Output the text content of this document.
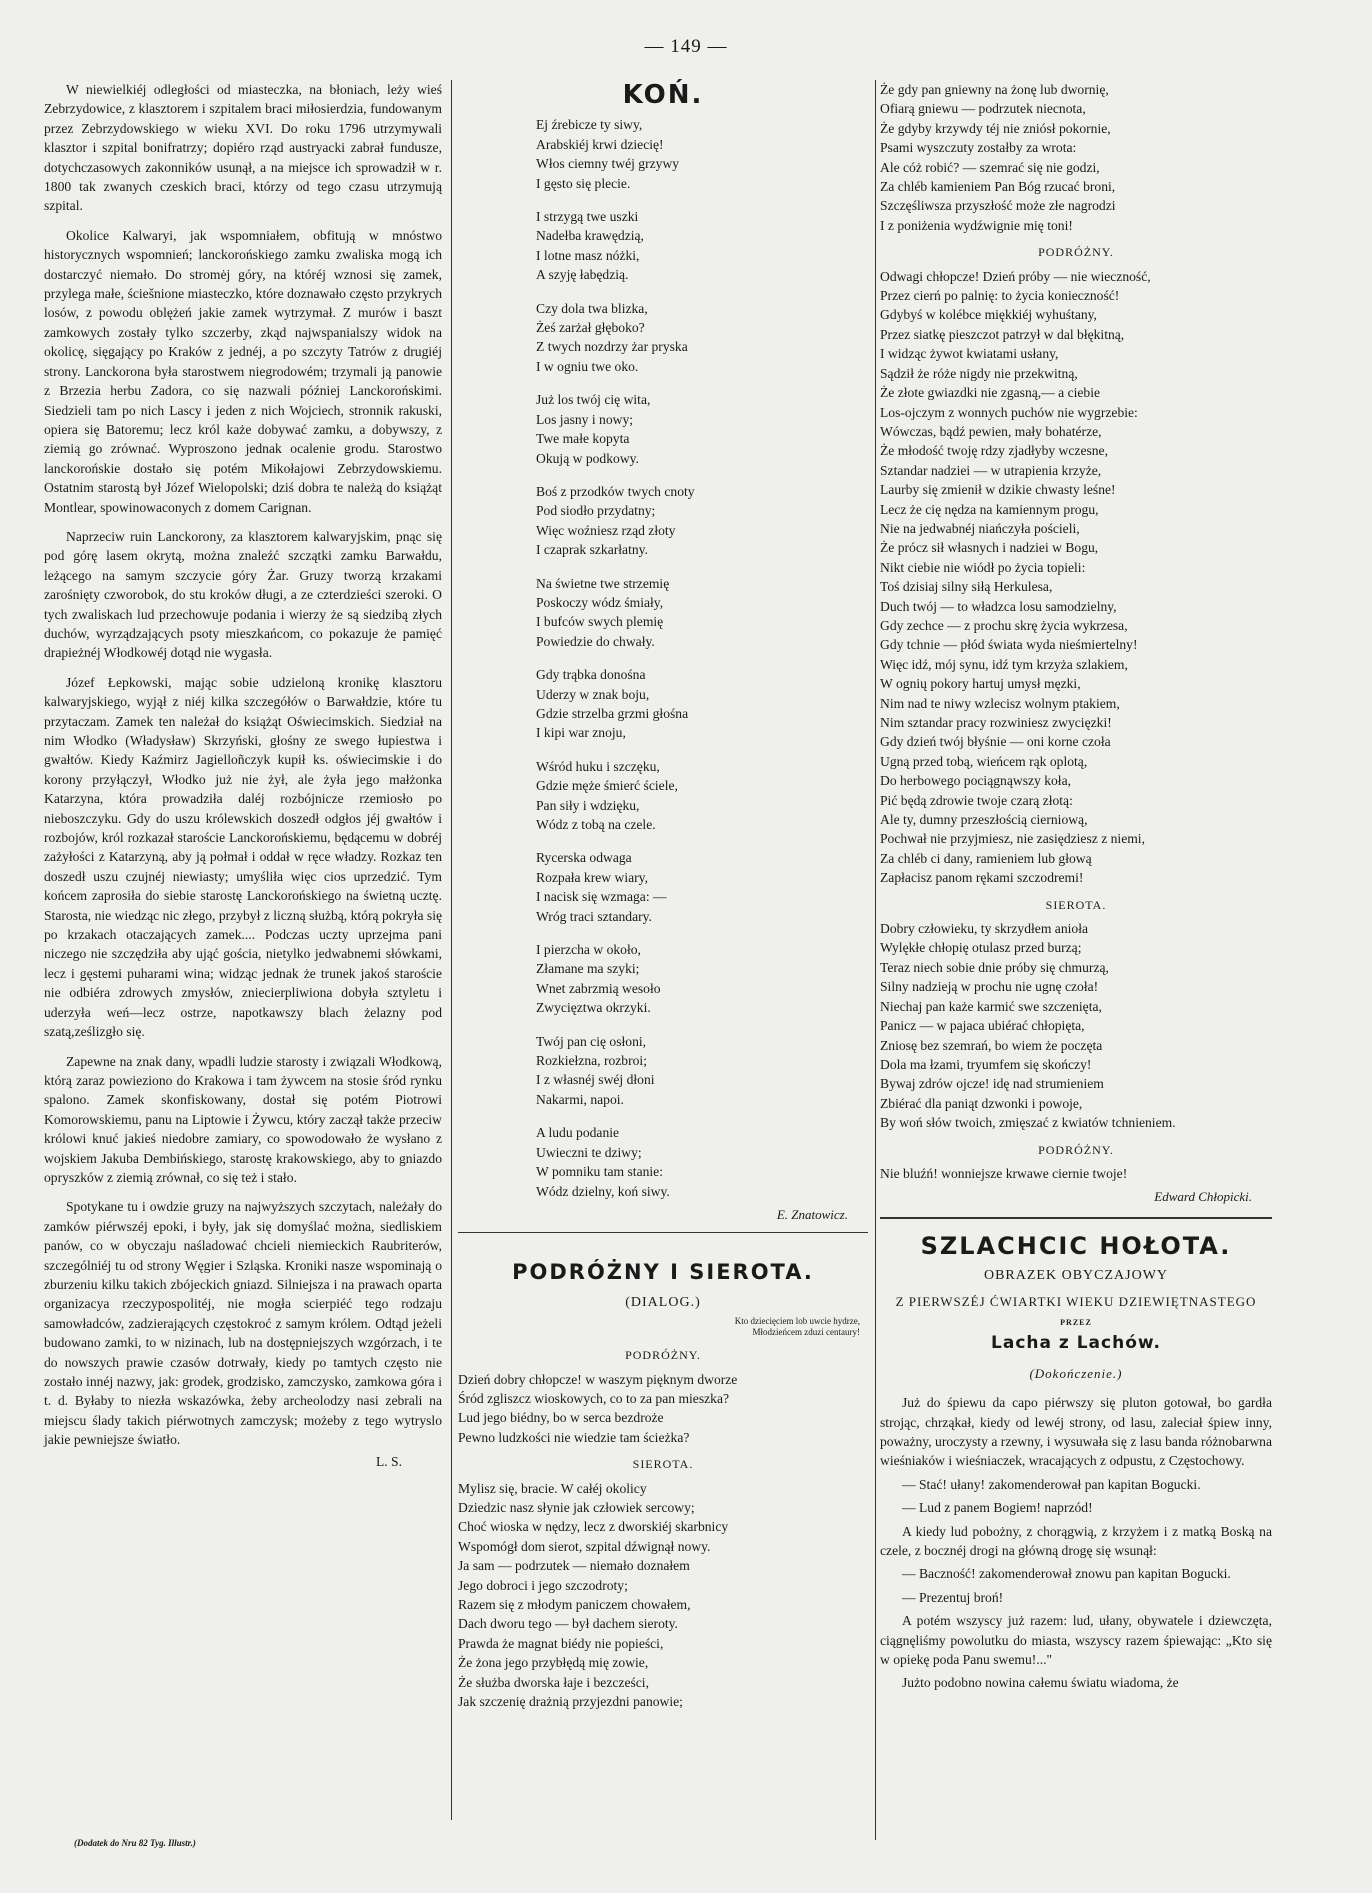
— 149 —

W niewielkiéj odległości od miasteczka, na błoniach, leży wieś Zebrzydowice, z klasztorem i szpitalem braci miłosierdzia, fundowanym przez Zebrzydowskiego w wieku XVI. Do roku 1796 utrzymywali klasztor i szpital bonifratrzy; dopiéro rząd austryacki zabrał fundusze, dotychczasowych zakonników usunął, a na miejsce ich sprowadził w r. 1800 tak zwanych czeskich braci, którzy od tego czasu utrzymują szpital.

Okolice Kalwaryi, jak wspomniałem, obfitują w mnóstwo historycznych wspomnień; lanckorońskiego zamku zwaliska mogą ich dostarczyć niemało. Do stromėj góry, na któréj wznosi się zamek, przylega małe, ściešnione miasteczko, które doznawało często przykrych losów, z powodu oblężeń jakie zamek wytrzymał. Z murów i baszt zamkowych zostały tylko szczerby, zkąd najwspanialszy widok na okolicę, sięgający po Kraków z jednéj, a po szczyty Tatrów z drugiéj strony. Lanckorona była starostwem niegrodowém; trzymali ją panowie z Brzezia herbu Zadora, co się nazwali później Lanckorońskimi. Siedzieli tam po nich Lascy i jeden z nich Wojciech, stronnik rakuski, opiera się Batoremu; lecz król każe dobywać zamku, a dobywszy, z ziemią go zrównać. Wyproszono jednak ocalenie grodu. Starostwo lanckorońskie dostało się potém Mikołajowi Zebrzydowskiemu. Ostatnim starostą był Józef Wielopolski; dziś dobra te należą do książąt Montlear, spowinowaconych z domem Carignan.

Naprzeciw ruin Lanckorony, za klasztorem kalwaryjskim, pnąc się pod górę lasem okrytą, można znaleźć szczątki zamku Barwałdu, leżącego na samym szczycie góry Żar. Gruzy tworzą krzakami zarośnięty czworobok, do stu kroków długi, a ze czterdzieści szeroki. O tych zwaliskach lud przechowuje podania i wierzy że są siedzibą złych duchów, wyrządzających psoty mieszkańcom, co pokazuje że pamięć drapieżnéj Włodkowéj dotąd nie wygasła.

Józef Łepkowski, mając sobie udzieloną kronikę klasztoru kalwaryjskiego, wyjął z niéj kilka szczegółów o Barwałdzie, które tu przytaczam. Zamek ten należał do książąt Oświecimskich. Siedział na nim Włodko (Władysław) Skrzyński, głośny ze swego łupiestwa i gwałtów. Kiedy Kaźmirz Jagielloñczyk kupił ks. oświecimskie i do korony przyłączył, Włodko już nie żył, ale żyła jego małżonka Katarzyna, która prowadziła daléj rozbójnicze rzemiosło po nieboszczyku. Gdy do uszu królewskich doszedł odgłos jéj gwałtów i rozbojów, król rozkazał staroście Lanckorońskiemu, będącemu w dobréj zażyłości z Katarzyną, aby ją połmał i oddał w ręce władzy. Rozkaz ten doszedł uszu czujnéj niewiasty; umyśliła więc cios uprzedzić. Tym końcem zaprosiła do siebie starostę Lanckorońskiego na świetną ucztę. Starosta, nie wiedząc nic złego, przybył z liczną służbą, którą pokryła się po krzakach otaczających zamek.... Podczas uczty uprzejma pani niczego nie szczędziła aby ująć gościa, nietylko jedwabnemi słówkami, lecz i gęstemi puharami wina; widząc jednak że trunek jakoś staroście nie odbiéra zdrowych zmysłów, zniecierpliwiona dobyła sztyletu i uderzyła weń—lecz ostrze, napotkawszy blach żelazny pod szatą,ześlizgło się.

Zapewne na znak dany, wpadli ludzie starosty i związali Włodkową, którą zaraz powieziono do Krakowa i tam żywcem na stosie śród rynku spalono. Zamek skonfiskowany, dostał się potém Piotrowi Komorowskiemu, panu na Liptowie i Żywcu, który zaczął także przeciw królowi knuć jakieś niedobre zamiary, co spowodowało że wysłano z wojskiem Jakuba Dembińskiego, starostę krakowskiego, aby to gniazdo opryszków z ziemią zrównał, co się też i stało.

Spotykane tu i owdzie gruzy na najwyższych szczytach, należały do zamków piérwszéj epoki, i były, jak się domyślać można, siedliskiem panów, co w obyczaju naśladować chcieli niemieckich Raubriterów, szczególniéj tu od strony Węgier i Szląska. Kroniki nasze wspominają o zburzeniu kilku takich zbójeckich gniazd. Silniejsza i na prawach oparta organizacya rzeczypospolitéj, nie mogła scierpiéć tego rodzaju samowładców, zadzierających częstokroć z samym królem. Odtąd jeżeli budowano zamki, to w nizinach, lub na dostępniejszych wzgórzach, i te do nowszych prawie czasów dotrwały, kiedy po tamtych często nie zostało innéj nazwy, jak: grodek, grodzisko, zamczysko, zamkowa góra i t. d. Byłaby to niezła wskazówka, żeby archeolodzy nasi zebrali na miejscu ślady takich piérwotnych zamczysk; możeby z tego wytryslo jakie pewniejsze światło.

L. S.
KOŃ.
Ej źrebicze ty siwy,
Arabskiéj krwi dziecię!
Włos ciemny twéj grzywy
I gęsto się plecie.
I strzygą twe uszki
Nadełba krawędzią,
I lotne masz nóżki,
A szyję łabędzią.
Czy dola twa blizka,
Żeś zarżał głęboko?
Z twych nozdrzy żar pryska
I w ogniu twe oko.
Już los twój cię wita,
Los jasny i nowy;
Twe małe kopyta
Okują w podkowy.
Boś z przodków twych cnoty
Pod siodło przydatny;
Więc woźniesz rząd złoty
I czaprak szkarłatny.
Na świetne twe strzemię
Poskoczy wódz śmiały,
I bufców swych plemię
Powiedzie do chwały.
Gdy trąbka donośna
Uderzy w znak boju,
Gdzie strzelba grzmi głośna
I kipi war znoju,
Wśród huku i szczęku,
Gdzie męże śmierć ściele,
Pan siły i wdzięku,
Wódz z tobą na czele.
Rycerska odwaga
Rozpała krew wiary,
I nacisk się wzmaga: —
Wróg traci sztandary.
I pierzcha w około,
Złamane ma szyki;
Wnet zabrzmią wesoło
Zwycięztwa okrzyki.
Twój pan cię osłoni,
Rozkiełzna, rozbroi;
I z własnéj swéj dłoni
Nakarmi, napoi.
A ludu podanie
Uwieczni te dziwy;
W pomniku tam stanie:
Wódz dzielny, koń siwy.
E. Znatowicz.
PODRÓŻNY I SIEROTA.
(DIALOG.)
Kto dziecięciem lob uwcie hydrze,
Młodzieńcem zduzi centaury!
PODRÓŻNY.
Dzień dobry chłopcze! w waszym pięknym dworze
Śród zgliszcz wioskowych, co to za pan mieszka?
Lud jego biédny, bo w serca bezdroże
Pewno ludzkości nie wiedzie tam ścieżka?
SIEROTA.
Mylisz się, bracie. W całéj okolicy
Dziedzic nasz słynie jak człowiek sercowy;
Choć wioska w nędzy, lecz z dworskiéj skarbnicy
Wspomógł dom sierot, szpital dźwignął nowy.
Ja sam — podrzutek — niemało doznałem
Jego dobroci i jego szczodroty;
Razem się z młodym paniczem chowałem,
Dach dworu tego — był dachem sieroty.
Prawda że magnat biédy nie popieści,
Że żona jego przybłędą mię zowie,
Że służba dworska łaje i bezcześci,
Jak szczenię drażnią przyjezdni panowie;
Że gdy pan gniewny na żonę lub dwornię,
Ofiarą gniewu — podrzutek niecnota,
Że gdyby krzywdy téj nie zniósł pokornie,
Psami wyszczuty zostałby za wrota:
Ale cóż robić? — szemrać się nie godzi,
Za chléb kamieniem Pan Bóg rzucać broni,
Szczęśliwsza przyszłość może złe nagrodzi
I z poniżenia wydźwignie mię toni!
PODRÓŻNY.
Odwagi chłopcze! Dzień próby — nie wieczność,
Przez cierń po palnię: to życia konieczność!
Gdybyś w kolébce miękkiéj wyhuśtany,
Przez siatkę pieszczot patrzył w dal błękitną,
I widząc żywot kwiatami usłany,
Sądził że róże nigdy nie przekwitną,
Że złote gwiazdki nie zgasną,— a ciebie
Los-ojczym z wonnych puchów nie wygrzebie:
Wówczas, bądź pewien, mały bohatérze,
Że młodość twoję rdzy zjadłyby wczesne,
Sztandar nadziei — w utrapienia krzyże,
Laurby się zmienił w dzikie chwasty leśne!
Lecz że cię nędza na kamiennym progu,
Nie na jedwabnéj niańczyła pościeli,
Że prócz sił własnych i nadziei w Bogu,
Nikt ciebie nie wiódł po życia topieli:
Toś dzisiaj silny siłą Herkulesa,
Duch twój — to władzca losu samodzielny,
Gdy zechce — z prochu skrę życia wykrzesa,
Gdy tchnie — płód świata wyda nieśmiertelny!
Więc idź, mój synu, idź tym krzyża szlakiem,
W ognių pokory hartuj umysł męzki,
Nim nad te niwy wzlecisz wolnym ptakiem,
Nim sztandar pracy rozwiniesz zwycięzki!
Gdy dzień twój błyśnie — oni korne czoła
Ugną przed tobą, wieńcem rąk oplotą,
Do herbowego pociągnąwszy koła,
Pić będą zdrowie twoje czarą złotą:
Ale ty, dumny przeszłością cierniową,
Pochwał nie przyjmiesz, nie zasiędziesz z niemi,
Za chléb ci dany, ramieniem lub głową
Zapłacisz panom rękami szczodremi!
SIEROTA.
Dobry człowieku, ty skrzydłem anioła
Wylękłe chłopię otulasz przed burzą;
Teraz niech sobie dnie próby się chmurzą,
Silny nadzieją w prochu nie ugnę czoła!
Niechaj pan każe karmić swe szczenięta,
Panicz — w pajaca ubiérać chłopięta,
Zniosę bez szemrań, bo wiem że poczęta
Dola ma łzami, tryumfem się skończy!
Bywaj zdrów ojcze! idę nad strumieniem
Zbiérać dla paniąt dzwonki i powoje,
By woń słów twoich, zmięszać z kwiatów tchnieniem.
PODRÓŻNY.
Nie bluźń! wonniejsze krwawe ciernie twoje!
Edward Chłopicki.
SZLACHCIC HOŁOTA.
OBRAZEK OBYCZAJOWY
Z PIERWSZÉJ ĆWIARTKI WIEKU DZIEWIĘTNASTEGO
PRZEZ
Lacha z Lachów.
(Dokończenie.)

Już do śpiewu da capo piérwszy się pluton gotował, bo gardła strojąc, chrząkał, kiedy od lewéj strony, od lasu, zaleciał śpiew inny, poważny, uroczysty a rzewny, i wysuwała się z lasu banda różnobarwna wieśniaków i wieśniaczek, wracających z odpustu, z Częstochowy.

— Stać! ułany! zakomenderował pan kapitan Bogucki.

— Lud z panem Bogiem! naprzód!

A kiedy lud pobożny, z chorągwią, z krzyżem i z matką Boską na czele, z bocznéj drogi na główną drogę się wsunął:

— Baczność! zakomenderował znowu pan kapitan Bogucki.

— Prezentuj broń!

A potém wszyscy już razem: lud, ułany, obywatele i dziewczęta, ciągnęliśmy powolutku do miasta, wszyscy razem śpiewając: „Kto się w opiekę poda Panu swemu!..."

Jużto podobno nowina całemu światu wiadoma, że

(Dodatek do Nru 82 Tyg. Illustr.)
